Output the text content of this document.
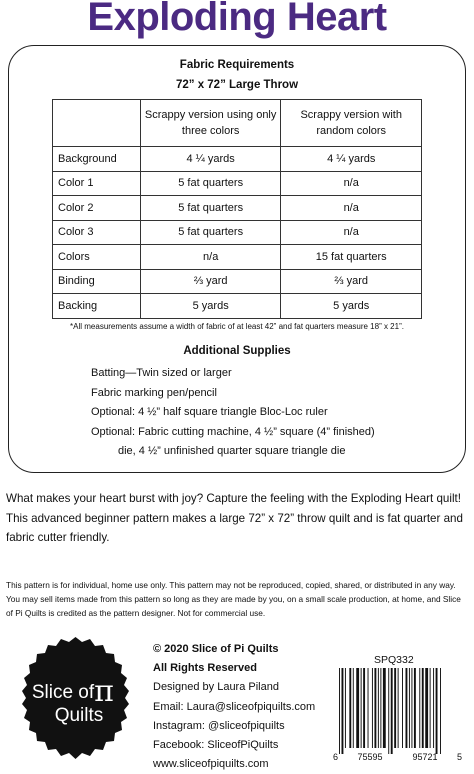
Exploding Heart
Fabric Requirements
72” x 72” Large Throw
	Scrappy version using only three colors	Scrappy version with random colors
Background	4 ¼ yards	4 ¼ yards
Color 1	5 fat quarters	n/a
Color 2	5 fat quarters	n/a
Color 3	5 fat quarters	n/a
Colors	n/a	15 fat quarters
Binding	⅔ yard	⅔ yard
Backing	5 yards	5 yards
*All measurements assume a width of fabric of at least 42” and fat quarters measure 18” x 21”.
Additional Supplies
Batting—Twin sized or larger
Fabric marking pen/pencil
Optional: 4 ½” half square triangle Bloc-Loc ruler
Optional: Fabric cutting machine, 4 ½” square (4” finished)
die, 4 ½” unfinished quarter square triangle die
What makes your heart burst with joy? Capture the feeling with the Exploding Heart quilt! This advanced beginner pattern makes a large 72” x 72” throw quilt and is fat quarter and fabric cutter friendly.
This pattern is for individual, home use only. This pattern may not be reproduced, copied, shared, or distributed in any way. You may sell items made from this pattern so long as they are made by you, on a small scale production, at home, and Slice of Pi Quilts is credited as the pattern designer. Not for commercial use.
Slice of π
Quilts
© 2020 Slice of Pi Quilts
All Rights Reserved
Designed by Laura Piland
Email: Laura@sliceofpiquilts.com
Instagram: @sliceofpiquilts
Facebook: SliceofPiQuilts
www.sliceofpiquilts.com
SPQ332
6 75595	95721 5
